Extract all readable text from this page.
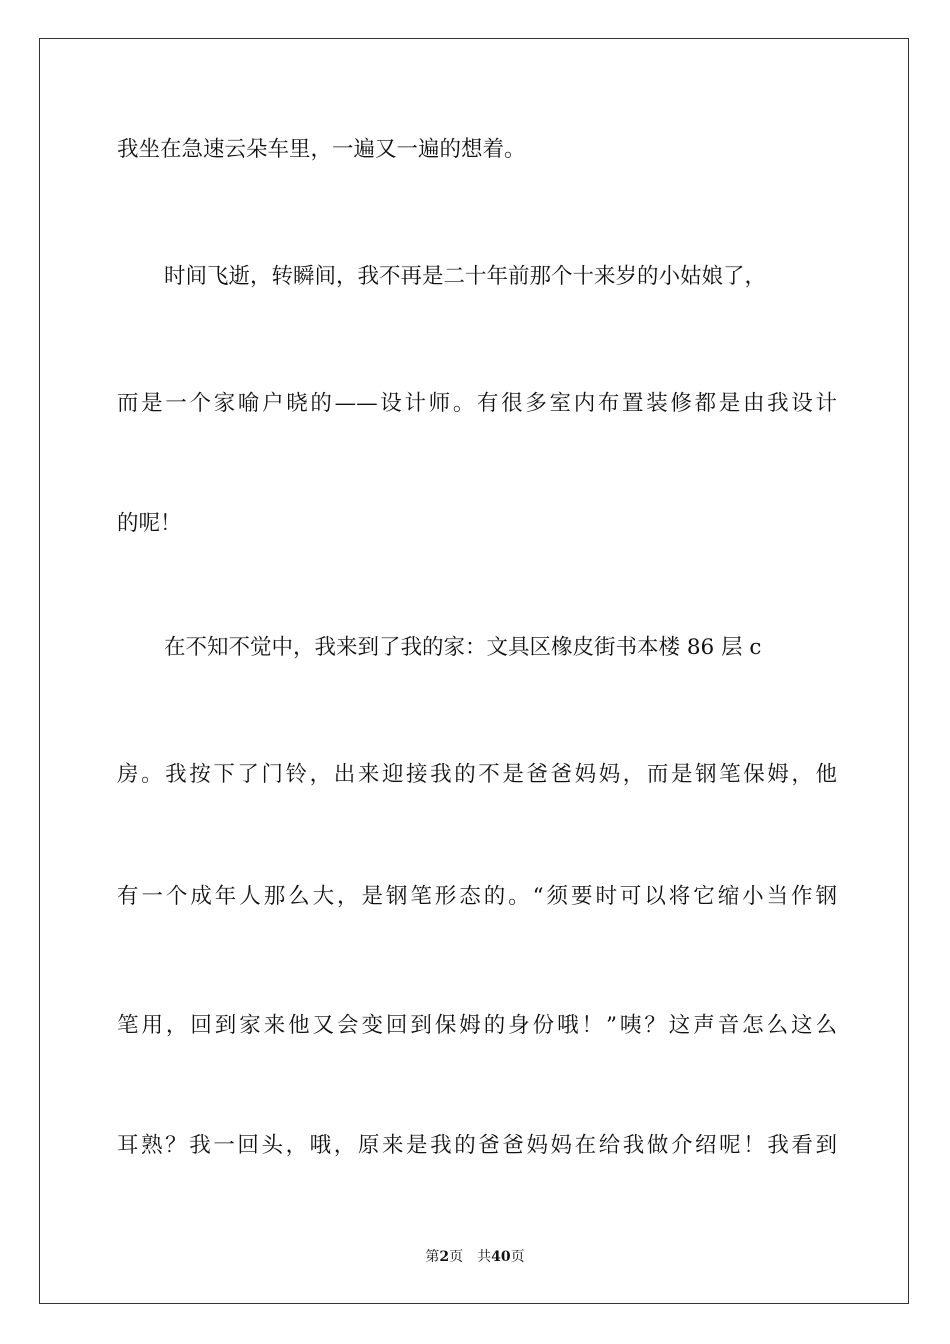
我坐在急速云朵车里，一遍又一遍的想着。
时间飞逝，转瞬间，我不再是二十年前那个十来岁的小姑娘了，
而是一个家喻户晓的——设计师。有很多室内布置装修都是由我设计
的呢！
在不知不觉中，我来到了我的家：文具区橡皮街书本楼 86 层 c
房。我按下了门铃，出来迎接我的不是爸爸妈妈，而是钢笔保姆，他
有一个成年人那么大，是钢笔形态的。“须要时可以将它缩小当作钢
笔用，回到家来他又会变回到保姆的身份哦！”咦？这声音怎么这么
耳熟？我一回头，哦，原来是我的爸爸妈妈在给我做介绍呢！我看到
第2页 共40页
